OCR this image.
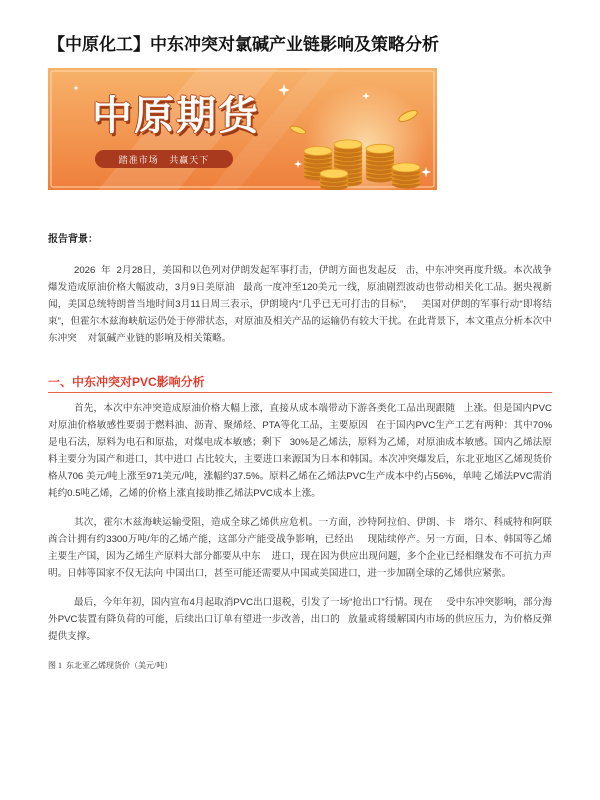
【中原化工】中东冲突对氯碱产业链影响及策略分析
中原期货
踏准市场   共赢天下
报告背景：

2026  年  2月28日，美国和以色列对伊朗发起军事打击，伊朗方面也发起反   击，中东冲突再度升级。本次战争爆发造成原油价格大幅波动，3月9日美原油   最高一度冲至120美元一线，原油剧烈波动也带动相关化工品。据央视新闻，美国总统特朗普当地时间3月11日周三表示，伊朗境内“几乎已无可打击的目标”，   美国对伊朗的军事行动“即将结束”，但霍尔木兹海峡航运仍处于停滞状态，对原油及相关产品的运输仍有较大干扰。在此背景下，本文重点分析本次中东冲突    对氯碱产业链的影响及相关策略。

一、中东冲突对PVC影响分析

首先，本次中东冲突造成原油价格大幅上涨，直接从成本端带动下游各类化工品出现跟随   上涨。但是国内PVC对原油价格敏感性要弱于燃料油、沥青、聚烯烃、PTA等化工品，主要原因   在于国内PVC生产工艺有两种：其中70%是电石法，原料为电石和原盐，对煤电成本敏感；剩下   30%是乙烯法，原料为乙烯，对原油成本敏感。国内乙烯法原料主要分为国产和进口，其中进口 占比较大，主要进口来源国为日本和韩国。本次冲突爆发后，东北亚地区乙烯现货价格从706 美元/吨上涨至971美元/吨，涨幅约37.5%。原料乙烯在乙烯法PVC生产成本中约占56%，单吨 乙烯法PVC需消耗约0.5吨乙烯，乙烯的价格上涨直接助推乙烯法PVC成本上涨。

其次，霍尔木兹海峡运输受阻，造成全球乙烯供应危机。一方面，沙特阿拉伯、伊朗、卡   塔尔、科威特和阿联酋合计拥有约3300万吨/年的乙烯产能，这部分产能受战争影响，已经出     现陆续停产。另一方面，日本、韩国等乙烯主要生产国，因为乙烯生产原料大部分都要从中东    进口，现在因为供应出现问题，多个企业已经相继发布不可抗力声明。日韩等国家不仅无法向 中国出口，甚至可能还需要从中国或美国进口，进一步加剧全球的乙烯供应紧张。

最后，今年年初，国内宣布4月起取消PVC出口退税，引发了一场“抢出口”行情。现在     受中东冲突影响，部分海外PVC装置有降负荷的可能，后续出口订单有望进一步改善，出口的   放量或将缓解国内市场的供应压力，为价格反弹提供支撑。

图 1  东北亚乙烯现货价（美元/吨）
